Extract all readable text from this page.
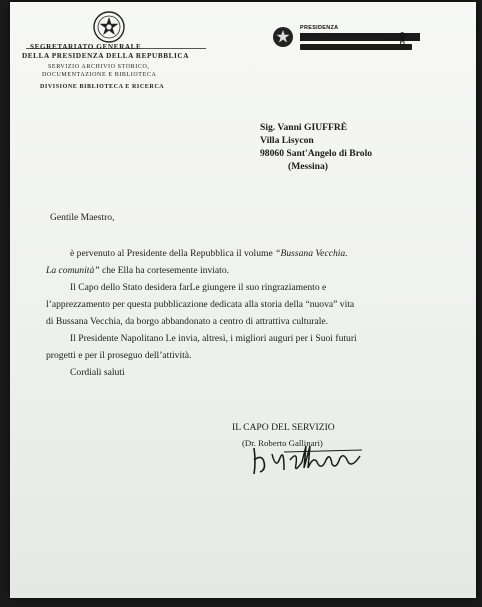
SEGRETARIATO GENERALE

DELLA PRESIDENZA DELLA REPUBBLICA

SERVIZIO ARCHIVIO STORICO,

DOCUMENTAZIONE E BIBLIOTECA

DIVISIONE BIBLIOTECA E RICERCA

PRESIDENZA
SGPR 00/00/0000 0000000 P	GBD

Sig. Vanni GIUFFRÈ

Villa Lisycon

98060 Sant'Angelo di Brolo

(Messina)

Gentile Maestro,

è pervenuto al Presidente della Repubblica il volume “Bussana Vecchia.

La comunità” che Ella ha cortesemente inviato.

Il Capo dello Stato desidera farLe giungere il suo ringraziamento e

l’apprezzamento per questa pubblicazione dedicata alla storia della “nuova” vita

di Bussana Vecchia, da borgo abbandonato a centro di attrattiva culturale.

Il Presidente Napolitano Le invia, altresì, i migliori auguri per i Suoi futuri

progetti e per il proseguo dell’attività.

Cordiali saluti

IL CAPO DEL SERVIZIO

(Dr. Roberto Gallinari)
